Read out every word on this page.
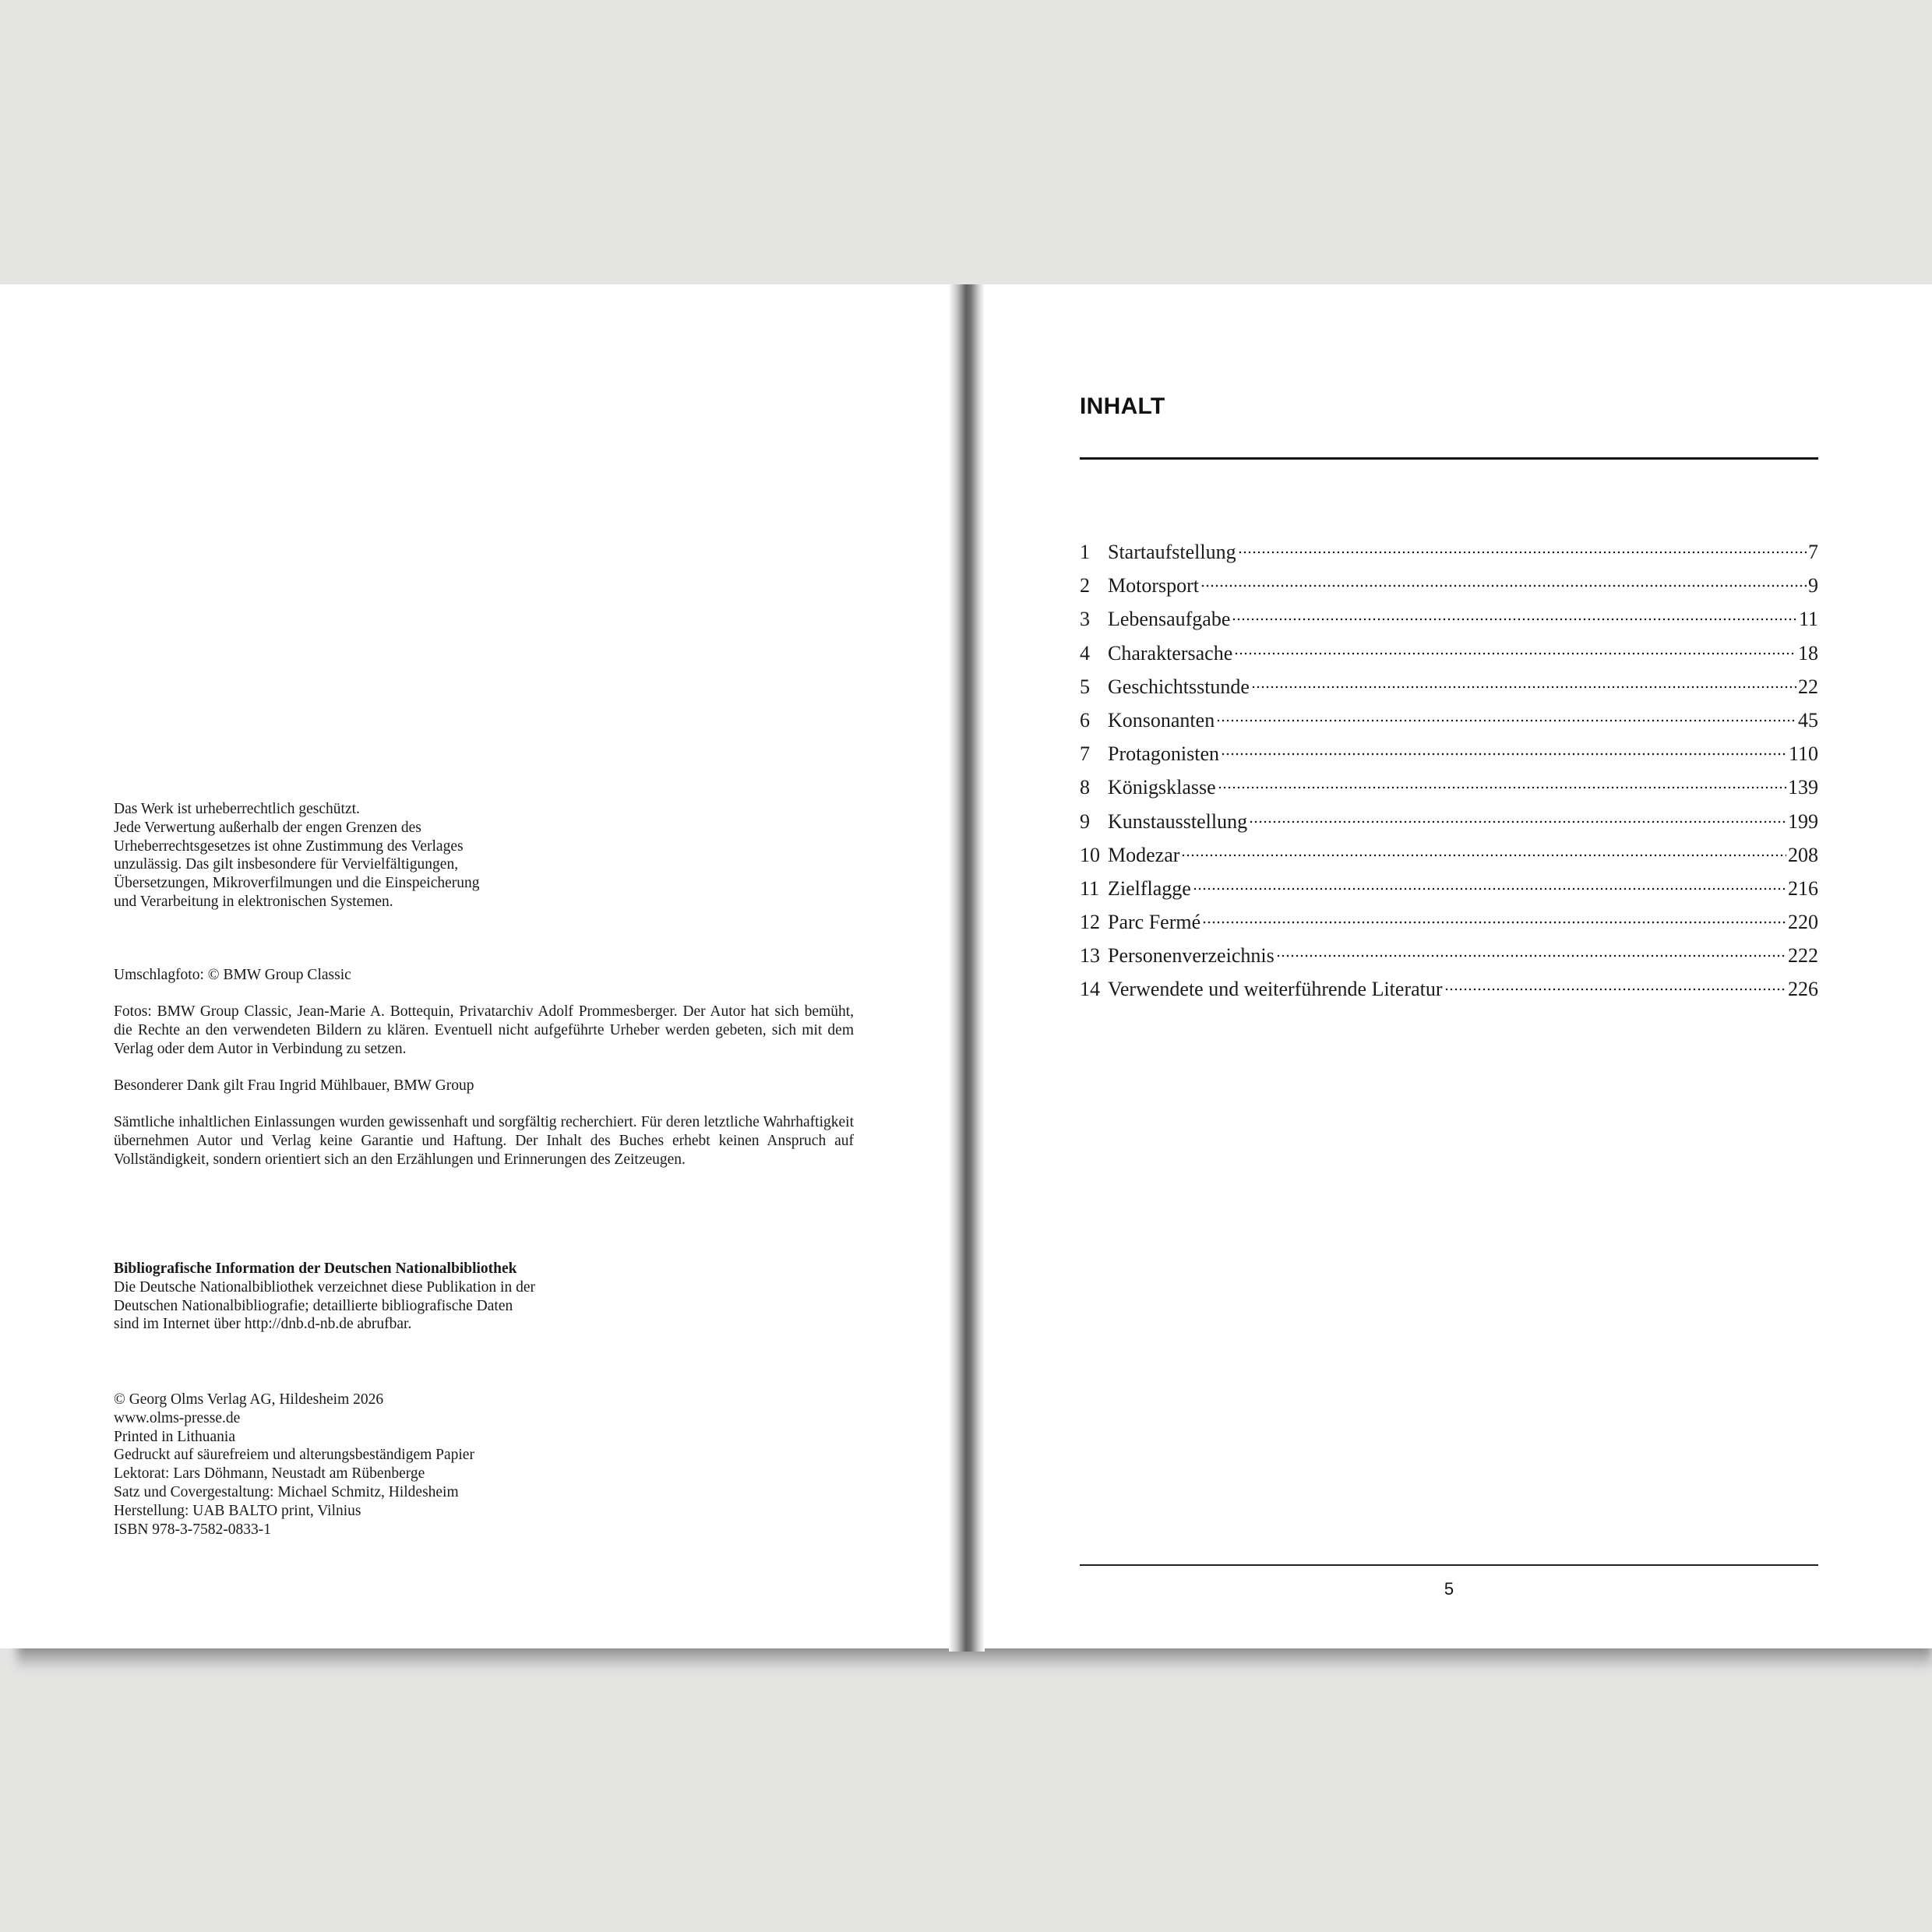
Das Werk ist urheberrechtlich geschützt.

Jede Verwertung außerhalb der engen Grenzen des

Urheberrechtsgesetzes ist ohne Zustimmung des Verlages

unzulässig. Das gilt insbesondere für Vervielfältigungen,

Übersetzungen, Mikroverfilmungen und die Einspeicherung

und Verarbeitung in elektronischen Systemen.

Umschlagfoto: © BMW Group Classic

Fotos: BMW Group Classic, Jean-Marie A. Bottequin, Privatarchiv Adolf Prommesberger. Der Autor hat sich bemüht, die Rechte an den verwendeten Bildern zu klären. Eventuell nicht aufgeführte Urheber werden gebeten, sich mit dem Verlag oder dem Autor in Verbindung zu setzen.

Besonderer Dank gilt Frau Ingrid Mühlbauer, BMW Group

Sämtliche inhaltlichen Einlassungen wurden gewissenhaft und sorgfältig recherchiert. Für deren letztliche Wahrhaftigkeit übernehmen Autor und Verlag keine Garantie und Haftung. Der Inhalt des Buches erhebt keinen Anspruch auf Vollständigkeit, sondern orientiert sich an den Erzählungen und Erinnerungen des Zeitzeugen.

Bibliografische Information der Deutschen Nationalbibliothek

Die Deutsche Nationalbibliothek verzeichnet diese Publikation in der

Deutschen Nationalbibliografie; detaillierte bibliografische Daten

sind im Internet über http://dnb.d-nb.de abrufbar.

© Georg Olms Verlag AG, Hildesheim 2026

www.olms-presse.de

Printed in Lithuania

Gedruckt auf säurefreiem und alterungsbeständigem Papier

Lektorat: Lars Döhmann, Neustadt am Rübenberge

Satz und Covergestaltung: Michael Schmitz, Hildesheim

Herstellung: UAB BALTO print, Vilnius

ISBN 978-3-7582-0833-1

INHALT
1 Startaufstellung	7
2 Motorsport	9
3 Lebensaufgabe	11
4 Charaktersache	18
5 Geschichtsstunde	22
6 Konsonanten	45
7 Protagonisten	110
8 Königsklasse	139
9 Kunstausstellung	199
10 Modezar	208
11 Zielflagge	216
12 Parc Fermé	220
13 Personenverzeichnis	222
14 Verwendete und weiterführende Literatur	226
5
